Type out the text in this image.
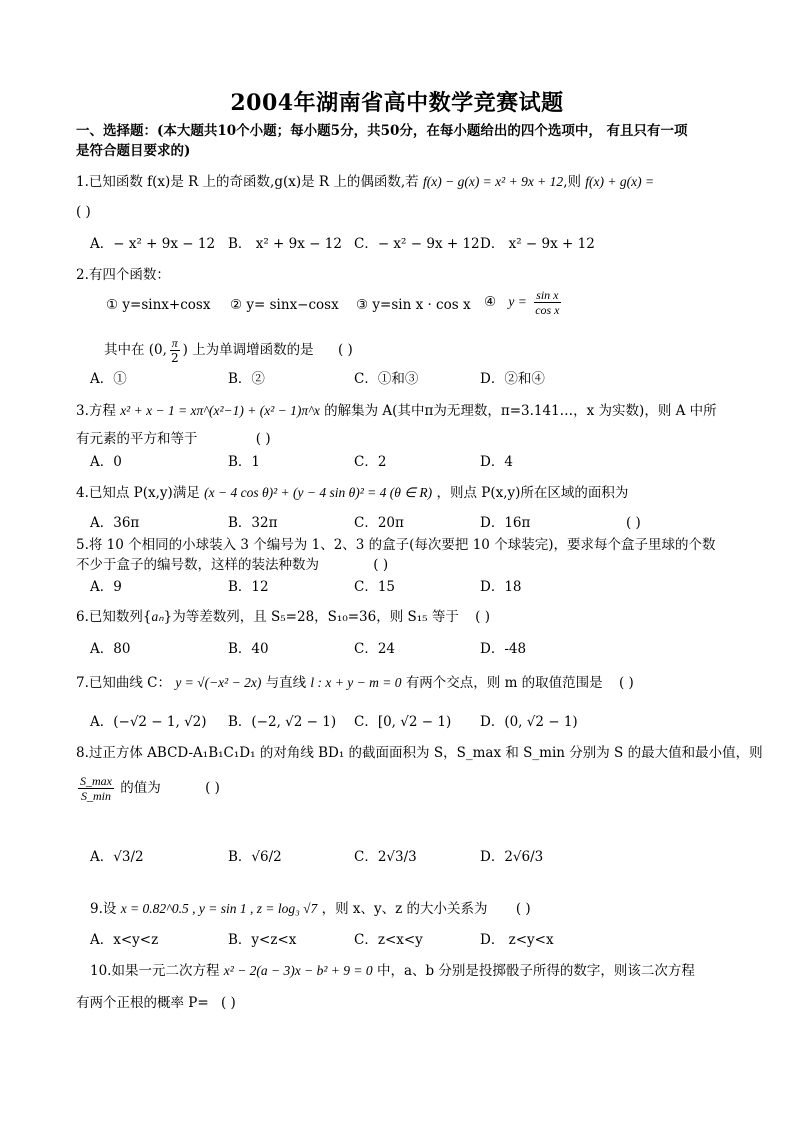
2004年湖南省高中数学竞赛试题
一、选择题：(本大题共10个小题；每小题5分，共50分，在每小题给出的四个选项中， 有且只有一项
是符合题目要求的)
1.已知函数 f(x)是 R 上的奇函数,g(x)是 R 上的偶函数,若 f(x) − g(x) = x² + 9x + 12,则 f(x) + g(x) =
( )
A．− x² + 9x − 12 B． x² + 9x − 12 C．− x² − 9x + 12 D． x² − 9x + 12
2.有四个函数：
① y=sinx+cosx ② y= sinx−cosx ③ y=sin x · cos x ④ $y = \frac{\text{sin x}}{\text{cos x}}$
其中在 (0, $\frac{\pi}{2}$ ) 上为单调增函数的是 ( )
A．①	B．②	C．①和③	D．②和④
3.方程 x² + x − 1 = xπ^(x²−1) + (x² − 1)π^x 的解集为 A(其中π为无理数，π=3.141…，x 为实数)，则 A 中所
有元素的平方和等于	( )
A．0	B．1	C．2	D．4
4.已知点 P(x,y)满足 (x − 4 cos θ)² + (y − 4 sin θ)² = 4 (θ ∈ R) ，则点 P(x,y)所在区域的面积为
A．36π	B．32π	C．20π	D．16π	( )
5.将 10 个相同的小球装入 3 个编号为 1、2、3 的盒子(每次要把 10 个球装完)，要求每个盒子里球的个数
不少于盒子的编号数，这样的装法种数为	( )
A．9	B．12	C．15	D．18
6.已知数列{aₙ}为等差数列，且 S₅=28，S₁₀=36，则 S₁₅ 等于 ( )
A．80	B．40	C．24	D．-48
7.已知曲线 C： y = √(−x² − 2x) 与直线 l : x + y − m = 0 有两个交点，则 m 的取值范围是 ( )
A．(−√2 − 1, √2) B．(−2, √2 − 1) C．[0, √2 − 1) D．(0, √2 − 1)
8.过正方体 ABCD-A₁B₁C₁D₁ 的对角线 BD₁ 的截面面积为 S，S_max 和 S_min 分别为 S 的最大值和最小值，则
$\frac{S\_\max}{S\_\min}$ 的值为	( )
A．√3/2	B．√6/2	C．2√3/3	D．2√6/3
9.设 x = 0.82^0.5 , y = sin 1 , z = log₃ √7 ，则 x、y、z 的大小关系为 ( )
A．x<y<z	B．y<z<x	C．z<x<y	D． z<y<x
10.如果一元二次方程 x² − 2(a − 3)x − b² + 9 = 0 中，a、b 分别是投掷骰子所得的数字，则该二次方程
有两个正根的概率 P= ( )
